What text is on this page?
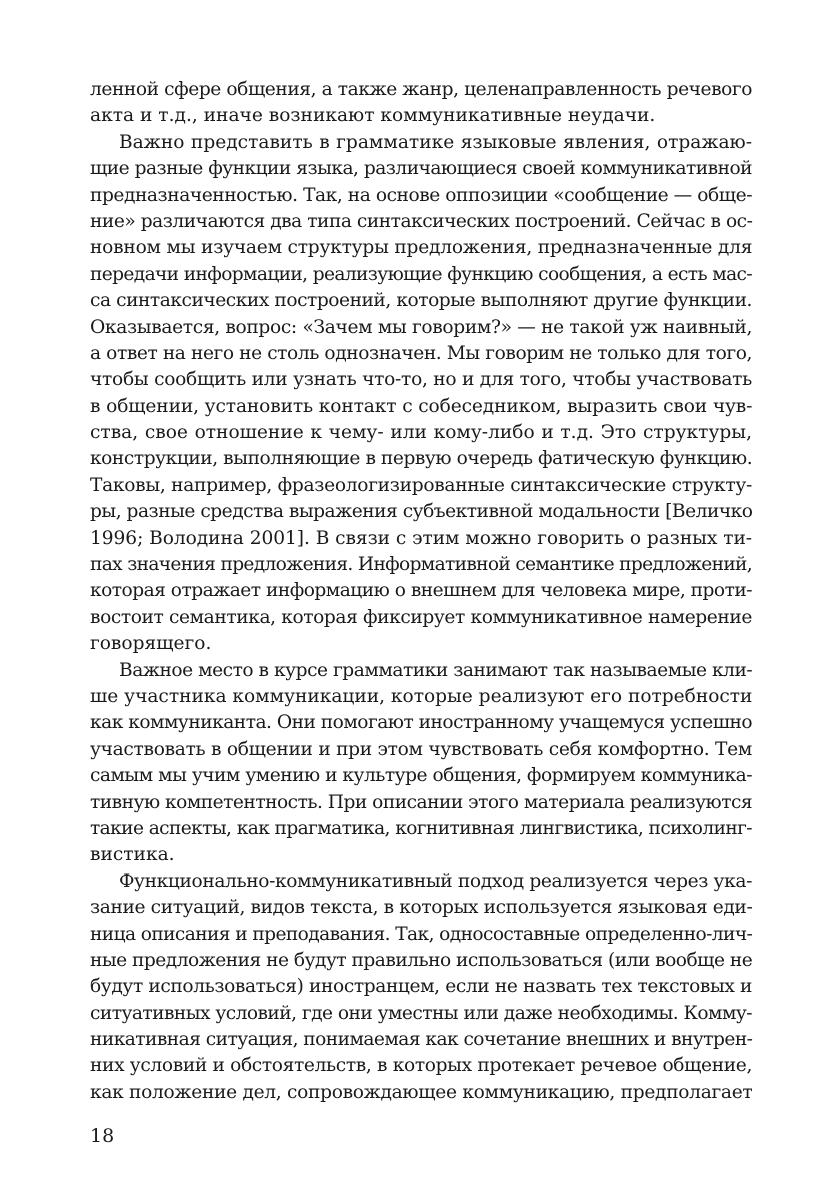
ленной сфере общения, а также жанр, целенаправленность речевого
акта и т.д., иначе возникают коммуникативные неудачи.
Важно представить в грамматике языковые явления, отражаю-
щие разные функции языка, различающиеся своей коммуникативной
предназначенностью. Так, на основе оппозиции «сообщение — обще-
ние» различаются два типа синтаксических построений. Сейчас в ос-
новном мы изучаем структуры предложения, предназначенные для
передачи информации, реализующие функцию сообщения, а есть мас-
са синтаксических построений, которые выполняют другие функции.
Оказывается, вопрос: «Зачем мы говорим?» — не такой уж наивный,
а ответ на него не столь однозначен. Мы говорим не только для того,
чтобы сообщить или узнать что-то, но и для того, чтобы участвовать
в общении, установить контакт с собеседником, выразить свои чув-
ства, свое отношение к чему- или кому-либо и т.д. Это структуры,
конструкции, выполняющие в первую очередь фатическую функцию.
Таковы, например, фразеологизированные синтаксические структу-
ры, разные средства выражения субъективной модальности [Величко
1996; Володина 2001]. В связи с этим можно говорить о разных ти-
пах значения предложения. Информативной семантике предложений,
которая отражает информацию о внешнем для человека мире, проти-
востоит семантика, которая фиксирует коммуникативное намерение
говорящего.
Важное место в курсе грамматики занимают так называемые кли-
ше участника коммуникации, которые реализуют его потребности
как коммуниканта. Они помогают иностранному учащемуся успешно
участвовать в общении и при этом чувствовать себя комфортно. Тем
самым мы учим умению и культуре общения, формируем коммуника-
тивную компетентность. При описании этого материала реализуются
такие аспекты, как прагматика, когнитивная лингвистика, психолинг-
вистика.
Функционально-коммуникативный подход реализуется через ука-
зание ситуаций, видов текста, в которых используется языковая еди-
ница описания и преподавания. Так, односоставные определенно-лич-
ные предложения не будут правильно использоваться (или вообще не
будут использоваться) иностранцем, если не назвать тех текстовых и
ситуативных условий, где они уместны или даже необходимы. Комму-
никативная ситуация, понимаемая как сочетание внешних и внутрен-
них условий и обстоятельств, в которых протекает речевое общение,
как положение дел, сопровождающее коммуникацию, предполагает
18
